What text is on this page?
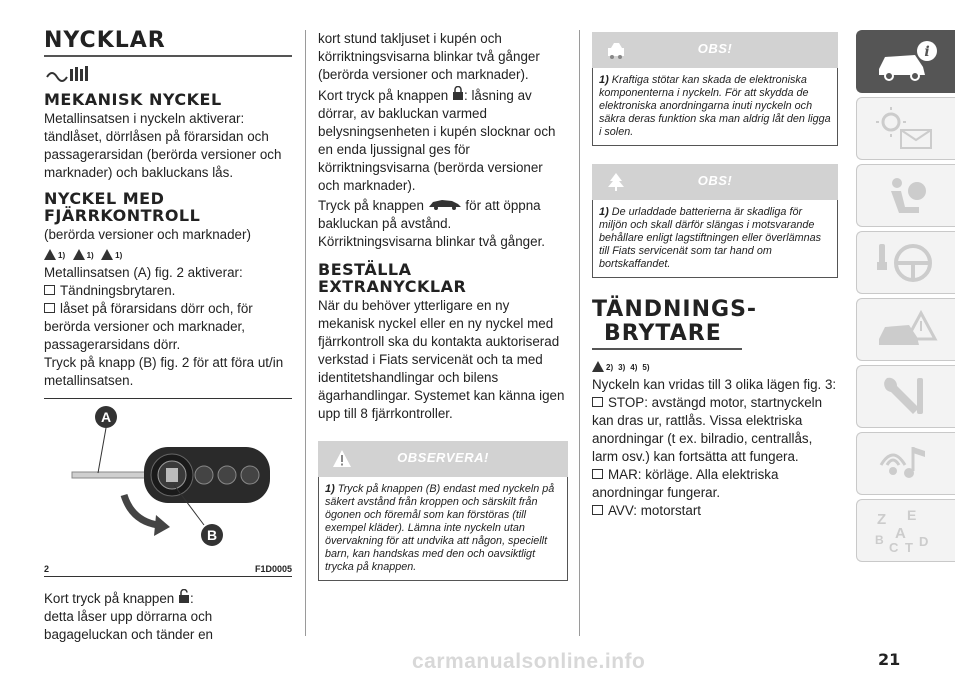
NYCKLAR
MEKANISK NYCKEL

Metallinsatsen i nyckeln aktiverar: tändlåset, dörrlåsen på förarsidan och passagerarsidan (berörda versioner och marknader) och bakluckans lås.

NYCKEL MED
FJÄRRKONTROLL

(berörda versioner och marknader)

1)	1)	1)

Metallinsatsen (A) fig. 2 aktiverar:

Tändningsbrytaren.
låset på förarsidans dörr och, för berörda versioner och marknader, passagerarsidans dörr.

Tryck på knapp (B) fig. 2 för att föra ut/in metallinsatsen.

A
B
2	F1D0005

Kort tryck på knappen :

detta låser upp dörrarna och bagageluckan och tänder en

kort stund takljuset i kupén och körriktningsvisarna blinkar två gånger (berörda versioner och marknader).

Kort tryck på knappen : låsning av dörrar, av bakluckan varmed belysningsenheten i kupén slocknar och en enda ljussignal ges för körriktningsvisarna (berörda versioner och marknader).

Tryck på knappen	för att öppna bakluckan på avstånd. Körriktningsvisarna blinkar två gånger.

BESTÄLLA
EXTRANYCKLAR

När du behöver ytterligare en ny mekanisk nyckel eller en ny nyckel med fjärrkontroll ska du kontakta auktoriserad verkstad i Fiats servicenät och ta med identitetshandlingar och bilens ägarhandlingar. Systemet kan känna igen upp till 8 fjärrkontroller.

OBSERVERA!
1) Tryck på knappen (B) endast med nyckeln på säkert avstånd från kroppen och särskilt från ögonen och föremål som kan förstöras (till exempel kläder). Lämna inte nyckeln utan övervakning för att undvika att någon, speciellt barn, kan handskas med den och oavsiktligt trycka på knappen.
OBS!
1) Kraftiga stötar kan skada de elektroniska komponenterna i nyckeln. För att skydda de elektroniska anordningarna inuti nyckeln och säkra deras funktion ska man aldrig låt den ligga i solen.
OBS!
1) De urladdade batterierna är skadliga för miljön och skall därför slängas i motsvarande behållare enligt lagstiftningen eller överlämnas till Fiats servicenät som tar hand om bortskaffandet.
TÄNDNINGS-
BRYTARE
2) 3) 4) 5)

Nyckeln kan vridas till 3 olika lägen fig. 3:

STOP: avstängd motor, startnyckeln kan dras ur, rattlås. Vissa elektriska anordningar (t ex. bilradio, centrallås, larm osv.) kan fortsätta att fungera.
MAR: körläge. Alla elektriska anordningar fungerar.
AVV: motorstart
i
Z E
B A
C T D
21
carmanualsonline.info
